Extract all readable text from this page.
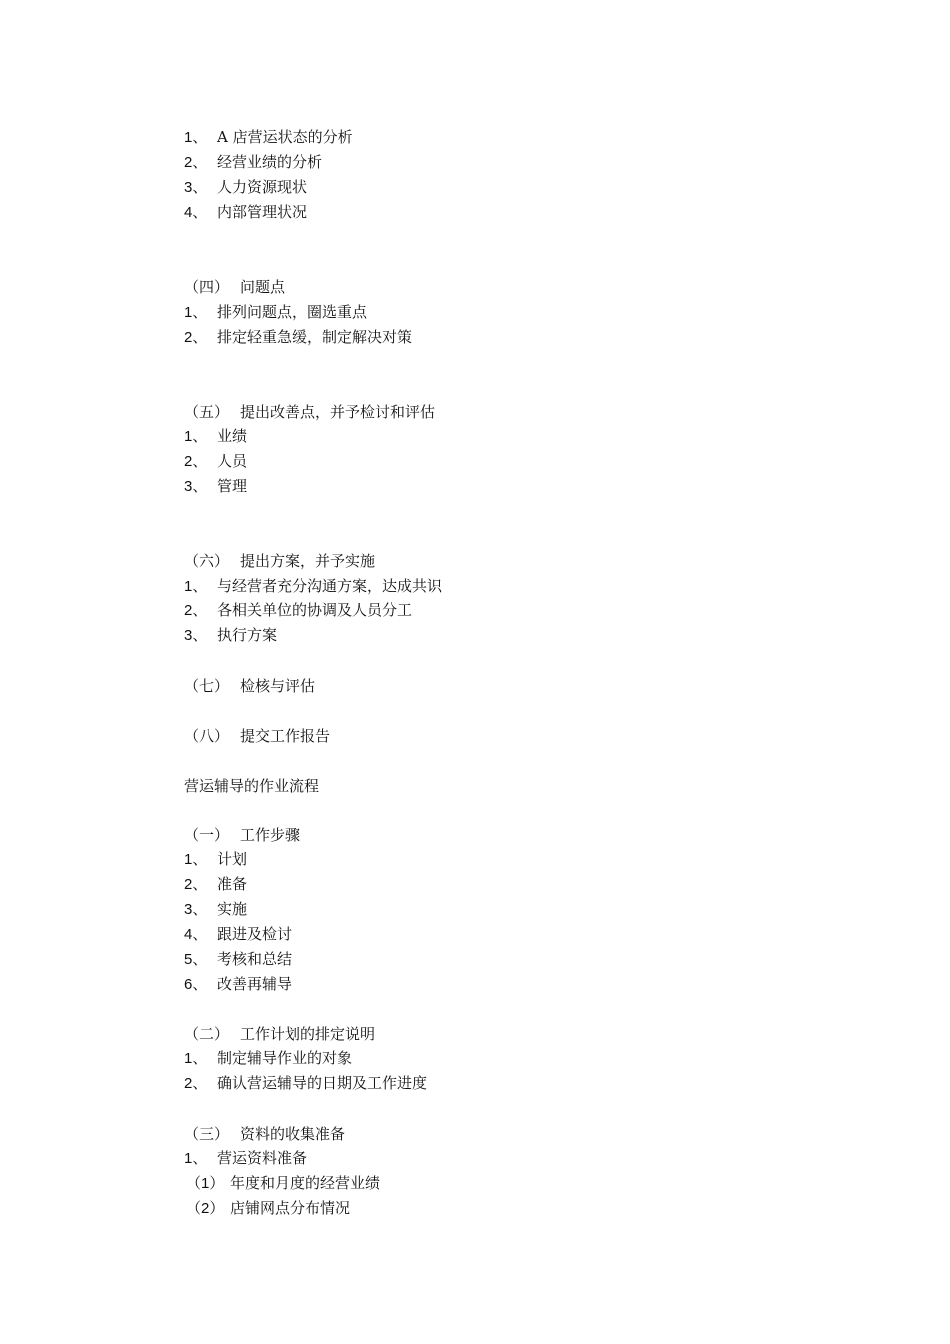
1、 A 店营运状态的分析
2、 经营业绩的分析
3、 人力资源现状
4、 内部管理状况
（四） 问题点
1、 排列问题点，圈选重点
2、 排定轻重急缓，制定解决对策
（五） 提出改善点，并予检讨和评估
1、 业绩
2、 人员
3、 管理
（六） 提出方案，并予实施
1、 与经营者充分沟通方案，达成共识
2、 各相关单位的协调及人员分工
3、 执行方案
（七） 检核与评估
（八） 提交工作报告
营运辅导的作业流程
（一） 工作步骤
1、 计划
2、 准备
3、 实施
4、 跟进及检讨
5、 考核和总结
6、 改善再辅导
（二） 工作计划的排定说明
1、 制定辅导作业的对象
2、 确认营运辅导的日期及工作进度
（三） 资料的收集准备
1、 营运资料准备
（1） 年度和月度的经营业绩
（2） 店铺网点分布情况
